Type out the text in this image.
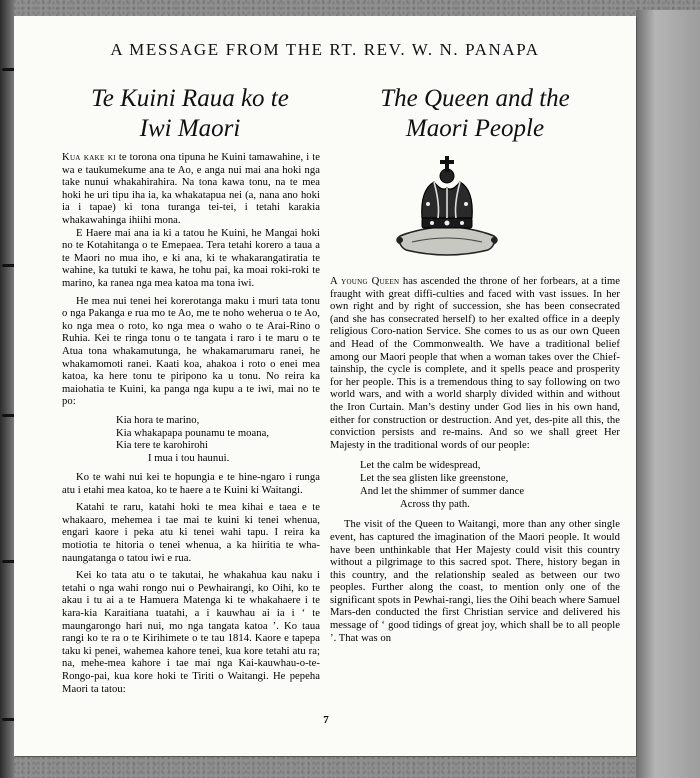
A MESSAGE FROM THE RT. REV. W. N. PANAPA
Te Kuini Raua ko te
Iwi Maori
The Queen and the
Maori People

Kua kake ki te torona ona tipuna he Kuini tamawahine, i te wa e taukumekume ana te Ao, e anga nui mai ana hoki nga take nunui whakahirahira. Na tona kawa tonu, na te mea hoki he uri tipu iha ia, ka whakatapua nei (a, nana ano hoki ia i tapae) ki tona turanga tei-tei, i tetahi karakia whakawahinga ihiihi mona.

E Haere mai ana ia ki a tatou he Kuini, he Mangai hoki no te Kotahitanga o te Emepaea. Tera tetahi korero a taua a te Maori no mua iho, e ki ana, ki te whakarangatiratia te wahine, ka tutuki te kawa, he tohu pai, ka moai roki-roki te marino, ka ranea nga mea katoa ma tona iwi.

He mea nui tenei hei korerotanga maku i muri tata tonu o nga Pakanga e rua mo te Ao, me te noho weherua o te Ao, ko nga mea o roto, ko nga mea o waho o te Arai-Rino o Ruhia. Kei te ringa tonu o te tangata i raro i te maru o te Atua tona whakamutunga, he whakamarumaru ranei, he whakamomoti ranei. Kaati koa, ahakoa i roto o enei mea katoa, ka here tonu te piripono ka u tonu. No reira ka maiohatia te Kuini, ka panga nga kupu a te iwi, mai no te po:

Kia hora te marino,
Kia whakapapa pounamu te moana,
Kia tere te karohirohi
I mua i tou haunui.

Ko te wahi nui kei te hopungia e te hine-ngaro i runga atu i etahi mea katoa, ko te haere a te Kuini ki Waitangi.

Katahi te raru, katahi hoki te mea kihai e taea e te whakaaro, mehemea i tae mai te kuini ki tenei whenua, engari kaore i peka atu ki tenei wahi tapu. I reira ka motiotia te hitoria o tenei whenua, a ka hiiritia te wha-naungatanga o tatou iwi e rua.

Kei ko tata atu o te takutai, he whakahua kau naku i tetahi o nga wahi rongo nui o Pewhairangi, ko Oihi, ko te akau i tu ai a te Hamuera Matenga ki te whakahaere i te kara-kia Karaitiana tuatahi, a i kauwhau ai ia i ‘ te maungarongo hari nui, mo nga tangata katoa ’. Ko taua rangi ko te ra o te Kirihimete o te tau 1814. Kaore e tapepa taku ki penei, wahemea kahore tenei, kua kore tetahi atu ra; na, mehe-mea kahore i tae mai nga Kai-kauwhau-o-te-Rongo-pai, kua kore hoki te Tiriti o Waitangi. He pepeha Maori ta tatou:

A young Queen has ascended the throne of her forbears, at a time fraught with great diffi-culties and faced with vast issues. In her own right and by right of succession, she has been consecrated (and she has consecrated herself) to her exalted office in a deeply religious Coro-nation Service. She comes to us as our own Queen and Head of the Commonwealth. We have a traditional belief among our Maori people that when a woman takes over the Chief-tainship, the cycle is complete, and it spells peace and prosperity for her people. This is a tremendous thing to say following on two world wars, and with a world sharply divided within and without the Iron Curtain. Man’s destiny under God lies in his own hand, either for construction or destruction. And yet, des-pite all this, the conviction persists and re-mains. And so we shall greet Her Majesty in the traditional words of our people:

Let the calm be widespread,
Let the sea glisten like greenstone,
And let the shimmer of summer dance
Across thy path.

The visit of the Queen to Waitangi, more than any other single event, has captured the imagination of the Maori people. It would have been unthinkable that Her Majesty could visit this country without a pilgrimage to this sacred spot. There, history began in this country, and the relationship sealed as between our two peoples. Further along the coast, to mention only one of the significant spots in Pewhai-rangi, lies the Oihi beach where Samuel Mars-den conducted the first Christian service and delivered his message of ‘ good tidings of great joy, which shall be to all people ’. That was on

7
